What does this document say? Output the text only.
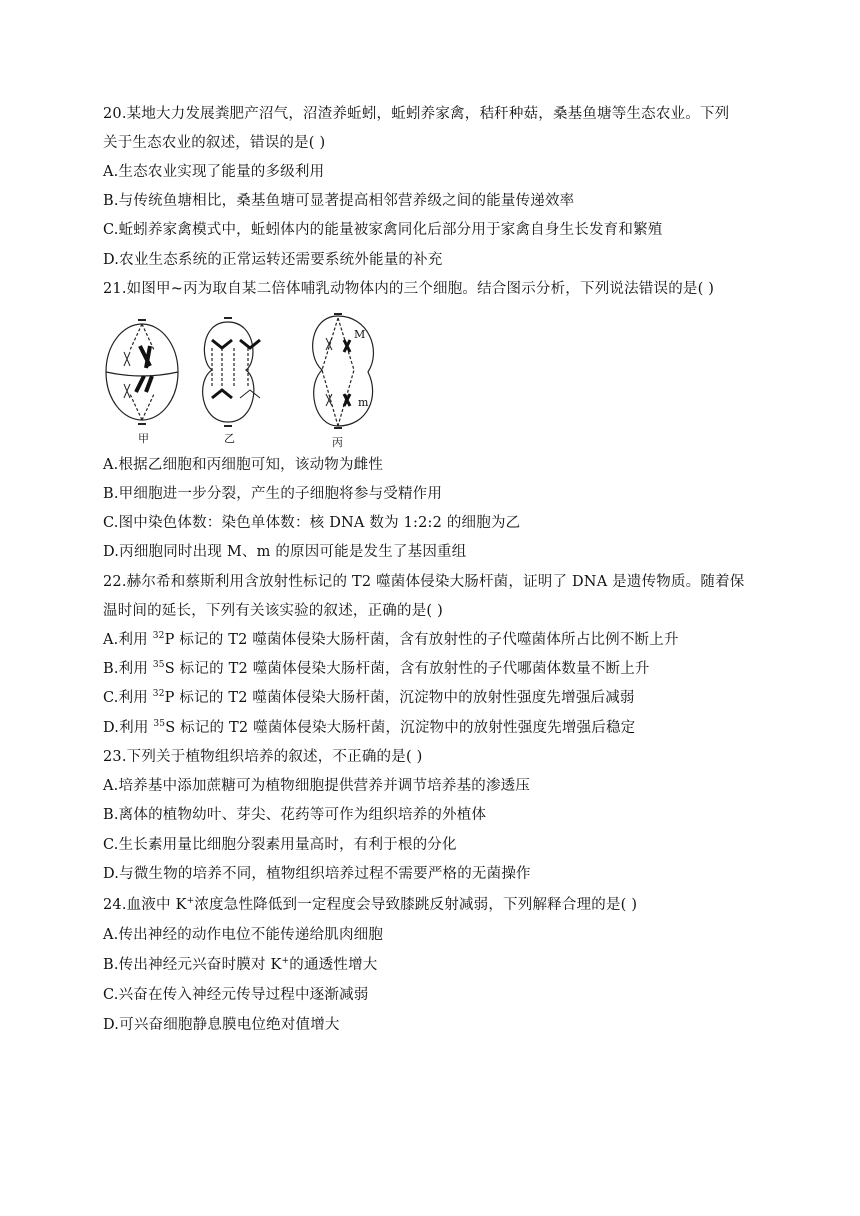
20.某地大力发展粪肥产沼气，沼渣养蚯蚓，蚯蚓养家禽，秸秆种菇，桑基鱼塘等生态农业。下列
关于生态农业的叙述，错误的是( )
A.生态农业实现了能量的多级利用
B.与传统鱼塘相比，桑基鱼塘可显著提高相邻营养级之间的能量传递效率
C.蚯蚓养家禽模式中，蚯蚓体内的能量被家禽同化后部分用于家禽自身生长发育和繁殖
D.农业生态系统的正常运转还需要系统外能量的补充
21.如图甲~丙为取自某二倍体哺乳动物体内的三个细胞。结合图示分析，下列说法错误的是( )
甲	乙
M
m
丙
A.根据乙细胞和丙细胞可知，该动物为雌性
B.甲细胞进一步分裂，产生的子细胞将参与受精作用
C.图中染色体数：染色单体数：核 DNA 数为 1:2:2 的细胞为乙
D.丙细胞同时出现 M、m 的原因可能是发生了基因重组
22.赫尔希和蔡斯利用含放射性标记的 T2 噬菌体侵染大肠杆菌，证明了 DNA 是遗传物质。随着保
温时间的延长，下列有关该实验的叙述，正确的是( )
A.利用 $^{32}$P 标记的 T2 噬菌体侵染大肠杆菌，含有放射性的子代噬菌体所占比例不断上升
B.利用 $^{35}$S 标记的 T2 噬菌体侵染大肠杆菌，含有放射性的子代哪菌体数量不断上升
C.利用 $^{32}$P 标记的 T2 噬菌体侵染大肠杆菌，沉淀物中的放射性强度先增强后减弱
D.利用 $^{35}$S 标记的 T2 噬菌体侵染大肠杆菌，沉淀物中的放射性强度先增强后稳定
23.下列关于植物组织培养的叙述，不正确的是( )
A.培养基中添加蔗糖可为植物细胞提供营养并调节培养基的渗透压
B.离体的植物幼叶、芽尖、花药等可作为组织培养的外植体
C.生长素用量比细胞分裂素用量高时，有利于根的分化
D.与微生物的培养不同，植物组织培养过程不需要严格的无菌操作
24.血液中 K+浓度急性降低到一定程度会导致膝跳反射减弱，下列解释合理的是( )
A.传出神经的动作电位不能传递给肌肉细胞
B.传出神经元兴奋时膜对 K+的通透性增大
C.兴奋在传入神经元传导过程中逐渐减弱
D.可兴奋细胞静息膜电位绝对值增大
